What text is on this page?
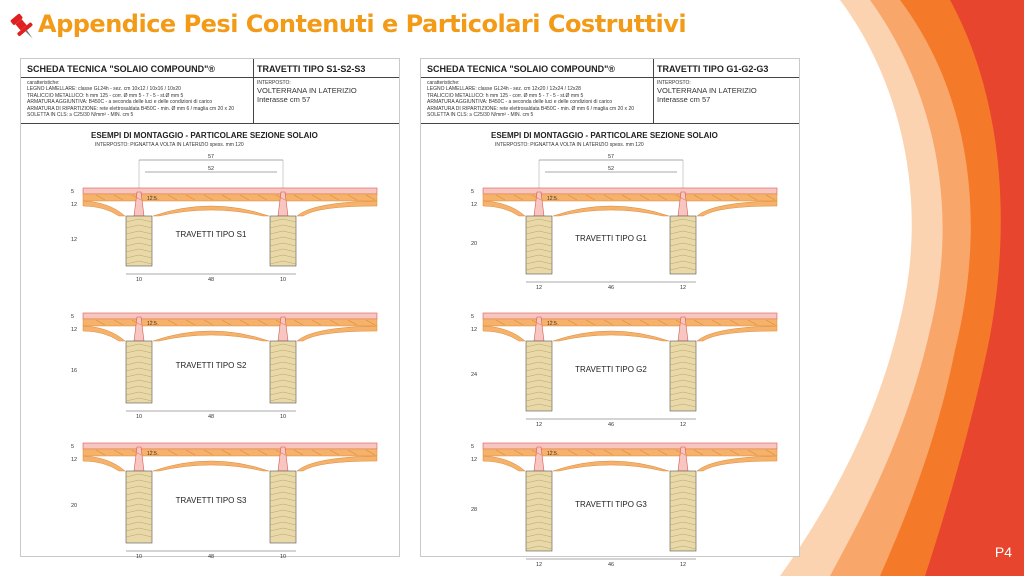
Appendice Pesi Contenuti e Particolari Costruttivi
SCHEDA TECNICA "SOLAIO COMPOUND"®	TRAVETTI TIPO S1-S2-S3
caratteristiche:
LEGNO LAMELLARE: classe GL24h - sez. cm 10x12 / 10x16 / 10x20
TRALICCIO METALLICO: h mm 125 - corr. Ø mm 5 - 7 - 5 - st.Ø mm 5
ARMATURA AGGIUNTIVA: B450C - a seconda delle luci e delle condizioni di carico
ARMATURA DI RIPARTIZIONE: rete elettrosaldata B450C - min. Ø mm 6 / maglia cm 20 x 20
SOLETTA IN CLS: ≥ C25/30 N/mm² - MIN. cm 5
INTERPOSTO:
VOLTERRANA IN LATERIZIO
Interasse cm 57
ESEMPI DI MONTAGGIO - PARTICOLARE SEZIONE SOLAIO
INTERPOSTO: PIGNATTA A VOLTA IN LATERIZIO spess. mm 120
57
52
5
12
12
12.5
10	48	10
TRAVETTI TIPO S1
5
12
16
12.5
10	48	10
TRAVETTI TIPO S2
5
12
20
12.5
10	48	10
TRAVETTI TIPO S3
SCHEDA TECNICA "SOLAIO COMPOUND"®	TRAVETTI TIPO G1-G2-G3
caratteristiche:
LEGNO LAMELLARE: classe GL24h - sez. cm 12x20 / 12x24 / 12x28
TRALICCIO METALLICO: h mm 125 - corr. Ø mm 5 - 7 - 5 - st.Ø mm 5
ARMATURA AGGIUNTIVA: B450C - a seconda delle luci e delle condizioni di carico
ARMATURA DI RIPARTIZIONE: rete elettrosaldata B450C - min. Ø mm 6 / maglia cm 20 x 20
SOLETTA IN CLS: ≥ C25/30 N/mm² - MIN. cm 5
INTERPOSTO:
VOLTERRANA IN LATERIZIO
Interasse cm 57
ESEMPI DI MONTAGGIO - PARTICOLARE SEZIONE SOLAIO
INTERPOSTO: PIGNATTA A VOLTA IN LATERIZIO spess. mm 120
57
52
5
12
20
12.5
12	46	12
TRAVETTI TIPO G1
5
12
24
12.5
12	46	12
TRAVETTI TIPO G2
5
12
28
12.5
12	46	12
TRAVETTI TIPO G3
P4
